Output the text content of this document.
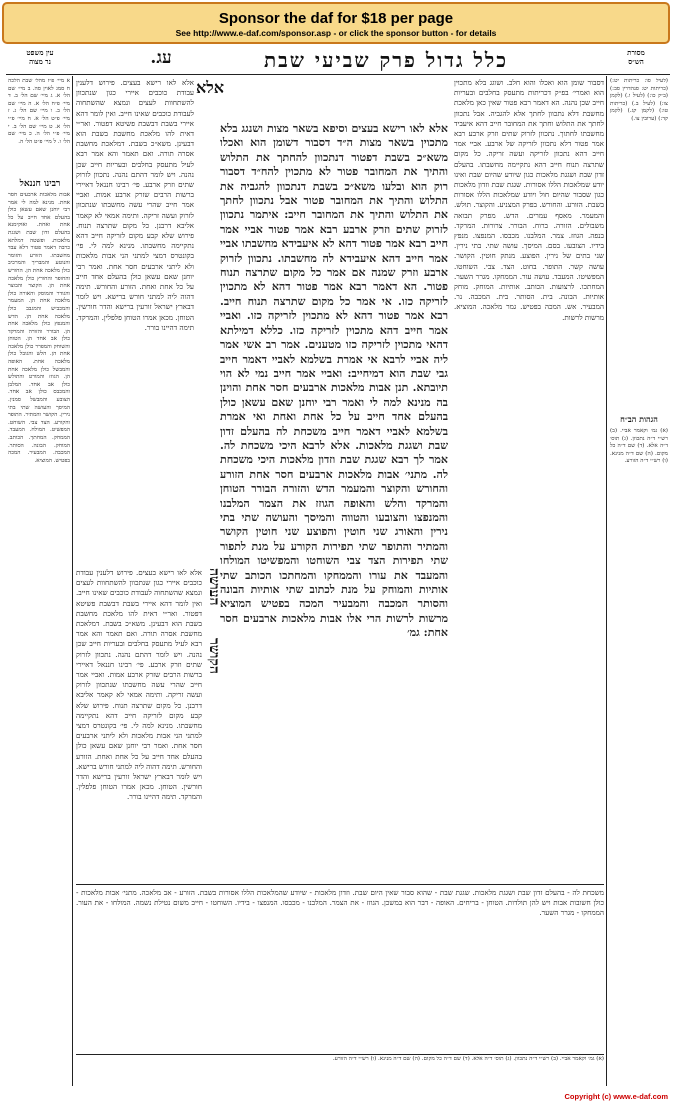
Sponsor the daf for $18 per page
See http://www.e-daf.com/sponsor.asp - or click the sponsor button - for details
עין משפט
נר מצוה	עג.	כלל גדול פרק שביעי שבת	מסורת
הש״ס
א מיי׳ פ״ז מהל׳ שבת הלכה ח סמג לאוין סה. ב מיי׳ שם הל׳ א. ג מיי׳ שם הל׳ ב. ד מיי׳ פ״ח הל׳ א. ה מיי׳ שם הל׳ ב. ו מיי׳ שם הל׳ ג. ז מיי׳ פ״ט הל׳ א. ח מיי׳ פ״י הל׳ א. ט מיי׳ שם הל׳ ב. י מיי׳ פ״י הל׳ ה. כ מיי׳ שם הל׳ ו. ל מיי׳ פ״ט הל׳ ה.
רבינו חננאל
אבות מלאכות ארבעים חסר אחת. מנינא למה לי אמר רבי יוחנן שאם עשאן כולן בהעלם אחד חייב על כל אחת ואחת. ואוקימנא בהעלם זדון שבת ושגגת מלאכות. ופשטה דמלתא כרבה דאמר פטור דלא עבד מחשבתו. הזורע והזומר והנוטע והמבריך והמרכיב כולן מלאכה אחת הן. החורש והחופר והחורץ כולן מלאכה אחת הן. הקוצר והבוצר והגודר והמוסק והאורה כולן מלאכה אחת הן. המעמר והמכביש והמגבב כולן מלאכה אחת הן. הדש והמנפץ כולן מלאכה אחת הן. הבורר והזורה והמרקד כולן אב אחד הן. הטוחן והשוחק והמפרר כולן מלאכה אחת הן. הלש והגובל כולן מלאכה אחת. האופה והמבשל כולן מלאכה אחת הן. הגוזז והמורט והתולש כולן אב אחד. המלבן והמכבס כולן אב אחד. הצובע והמבשל סמנין. המיסך והעושה שתי בתי נירין. הקושר והמתיר. התופר והקורע. הצד צבי. השוחט. המפשיט. המולח. המעבד. הממחק. המחתך. הכותב. המוחק. הבונה. הסותר. המכבה. המבעיר. המכה בפטיש. המוציא.
אלא
אלא לאו רישא בעצים. פירוש דלענין עבודת כוכבים איירי כגון שנתכוון להשתחוות לעצים ונמצא שהשתחוה לעבודת כוכבים שאינו חייב. ואין לומר דהא איירי בשבת דבשבת פשיטא דפטור. ואר״י דאית להו מלאכת מחשבת בשבת הוא דבעינן. משא״כ בשבת. דמלאכת מחשבת אסרה תורה. ואם תאמר והא אמר רבא לעיל מתעסק בחלבים ובעריות חייב שכן נהנה. ויש לומר דהתם נהנה. נתכוון לזרוק שתים וזרק ארבע. פי׳ רבינו חננאל דאיירי ברשות הרבים שזרק ארבע אמות. ואביי אמר חייב שהרי עשה מחשבתו שנתכוון לזרוק ועשה זריקה. ותימה אמאי לא קאמר אליבא דרבנן. כל מקום שתרצה תנוח. פירוש שלא קבע מקום לזריקה חייב דהא נתקיימה מחשבתו. מנינא למה לי. פי׳ בקונטרס דמצי למתני הני אבות מלאכות ולא ליתני ארבעים חסר אחת. ואמר רבי יוחנן שאם עשאן כולן בהעלם אחד חייב על כל אחת ואחת. הזורע והחורש. תימה דהוה ליה למתני חורש ברישא. ויש לומר דבארץ ישראל זורעין ברישא והדר חורשין. הטוחן. מכאן אמרו הטוחן פלפלין. והמרקד. תימה דהיינו בורר.
העושה
הקושר
אלא לאו רישא בעצים. פירוש דלענין עבודת כוכבים איירי כגון שנתכוון להשתחוות לעצים ונמצא שהשתחוה לעבודת כוכבים שאינו חייב. ואין לומר דהא איירי בשבת דבשבת פשיטא דפטור. ואר״י דאית להו מלאכת מחשבת בשבת הוא דבעינן. משא״כ בשבת. דמלאכת מחשבת אסרה תורה. ואם תאמר והא אמר רבא לעיל מתעסק בחלבים ובעריות חייב שכן נהנה. ויש לומר דהתם נהנה. נתכוון לזרוק שתים וזרק ארבע. פי׳ רבינו חננאל דאיירי ברשות הרבים שזרק ארבע אמות. ואביי אמר חייב שהרי עשה מחשבתו שנתכוון לזרוק ועשה זריקה. ותימה אמאי לא קאמר אליבא דרבנן. כל מקום שתרצה תנוח. פירוש שלא קבע מקום לזריקה חייב דהא נתקיימה מחשבתו. מנינא למה לי. פי׳ בקונטרס דמצי למתני הני אבות מלאכות ולא ליתני ארבעים חסר אחת. ואמר רבי יוחנן שאם עשאן כולן בהעלם אחד חייב על כל אחת ואחת. הזורע והחורש. תימה דהוה ליה למתני חורש ברישא. ויש לומר דבארץ ישראל זורעין ברישא והדר חורשין. הטוחן. מכאן אמרו הטוחן פלפלין. והמרקד. תימה דהיינו בורר.
אלא לאו רישא בעצים וסיפא בשאר מצות ושנגג בלא מתכוין בשאר מצות ה״ד דסבור דשומן הוא ואכלו משא״כ בשבת דפטור דנתכוון להחתך את התלוש והתיך את המחובר פטור לא מתכוין להח״ד דסבור רוק הוא ובלעו משא״כ בשבת דנתכוון להגביה את התלוש והתיך את המחובר פטור אבל נתכוון לחתך את התלוש והתיך את המחובר חייב: איתמר נתכוון לזרוק שתים וזרק ארבע רבא אמר פטור אביי אמר חייב רבא אמר פטור דהא לא איעבידא מחשבתו אביי אמר חייב דהא איעבידא לה מחשבתו. נתכוון לזרוק ארבע וזרק שמנה אם אמר כל מקום שתרצה תנוח פטור. הא דאמר רבא אמר פטור דהא לא מתכוין לזריקה כזו. אי אמר כל מקום שתרצה תנוח חייב. רבא אמר פטור דהא לא מתכוין לזריקה כזו. ואביי אמר חייב דהא מתכוין לזריקה כזו. כללא דמילתא דהאי מתכוין לזריקה כזו מטענים. אמר רב אשי אמר ליה אביי לרבא אי אמרת בשלמא לאביי דאמר חייב גבי שבת הוא דמיחייב: ואביי אמר חייב נמי לא הוי תיובתא. תנן אבות מלאכות ארבעים חסר אחת והוינן בה מנינא למה לי ואמר רבי יוחנן שאם עשאן כולן בהעלם אחד חייב על כל אחת ואחת ואי אמרת בשלמא לאביי דאמר חייב משכחת לה בהעלם זדון שבת ושגגת מלאכות. אלא לרבא היכי משכחת לה. אמר לך רבא שגגת שבת וזדון מלאכות היכי משכחת לה. מתני׳ אבות מלאכות ארבעים חסר אחת הזורע והחורש והקוצר והמעמר הדש והזורה הבורר הטוחן והמרקד והלש והאופה הגוזז את הצמר המלבנו והמנפצו והצובעו והטווה והמיסך והעושה שתי בתי נירין והאורג שני חוטין והפוצע שני חוטין הקושר והמתיר והתופר שתי תפירות הקורע על מנת לתפור שתי תפירות הצד צבי השוחטו והמפשיטו המולחו והמעבד את עורו והממחקו והמחתכו הכותב שתי אותיות והמוחק על מנת לכתוב שתי אותיות הבונה והסותר המכבה והמבעיר המכה בפטיש המוציא מרשות לרשות הרי אלו אבות מלאכות ארבעים חסר אחת: גמ׳
דסבור שומן הוא ואכלו והוא חלב. ושוגג בלא מתכוין הוא ואמרי׳ בפ״ק דכריתות מתעסק בחלבים ובעריות חייב שכן נהנה. הא דאמר רבא פטור שאין כאן מלאכת מחשבת דלא נתכוון לחתך אלא להגביה. אבל נתכוון לחתך את התלוש וחתך את המחובר חייב דהא איעביד מחשבתו לחתוך. נתכוון לזרוק שתים וזרק ארבע רבא אמר פטור דלא נתכוון לזריקה של ארבע. אביי אמר חייב דהא נתכוון לזריקה ועשה זריקה. כל מקום שתרצה תנוח חייב דהא נתקיימה מחשבתו. בהעלם זדון שבת ושגגת מלאכות כגון שיודע שהיום שבת ואינו יודע שמלאכות הללו אסורות. שגגת שבת וזדון מלאכות כגון שסבור שהיום חול ויודע שמלאכות הללו אסורות בשבת. הזורע. והחורש. בפרק המצניע. והקוצר. תולש. והמעמר. מאסף עמרים. הדש. מפרק תבואה משבולים. הזורה. ברוח. הבורר. צרורות. המרקד. בנפה. הגוזז. צמר. המלבנו. מכבסו. המנפצו. מנפץ בידיו. הצובעו. בסם. המיסך. עושה שתי. בתי נירין. שני בתים של נירין. הפוצע. מנתק חוטין. הקושר. עושה קשר. התופר. בחוט. הצד. צבי. השוחטו. המפשיטו. המעבד. עושה עור. הממחקו. מגרר השער. המחתכו. לרצועות. הכותב. אותיות. המוחק. מוחק אותיות. הבונה. בית. הסותר. בית. המכבה. נר. המבעיר. אש. המכה בפטיש. גמר מלאכה. המוציא. מרשות לרשות.
(לעיל סו: כריתות יט:) (כריתות יט: סנהדרין סב:) (ב״ק כו:) (לעיל ו.) (לקמן צו:) (לעיל ב.) (כריתות טו:) (לקמן קג.) (לקמן קד:) (ערובין צו.)
הגהות הב״ח
(א) גמ׳ וקאמר אביי. (ב) רש״י ד״ה נתכוון. (ג) תוס׳ ד״ה אלא. (ד) שם ד״ה כל מקום. (ה) שם ד״ה מנינא. (ו) רש״י ד״ה הזורע.
משכחת לה - בהעלם זדון שבת ושגגת מלאכות. שגגת שבת - שהוא סבור שאין היום שבת. וזדון מלאכות - שיודע שהמלאכות הללו אסורות בשבת. הזורע - אב מלאכה. מתני׳ אבות מלאכות - כולן חשובות אבות ויש להן תולדות. הטוחן - בריחים. האופה - דבר הוא במשכן. הגוזז - את הצמר. המלבנו - מכבסו. המנפצו - בידיו. השוחטו - חייב משום נטילת נשמה. המולחו - את העור. הממחקו - מגרר השער.
(א) גמ׳ וקאמר אביי. (ב) רש״י ד״ה נתכוון. (ג) תוס׳ ד״ה אלא. (ד) שם ד״ה כל מקום. (ה) שם ד״ה מנינא. (ו) רש״י ד״ה הזורע.
Copyright (c) www.e-daf.com
